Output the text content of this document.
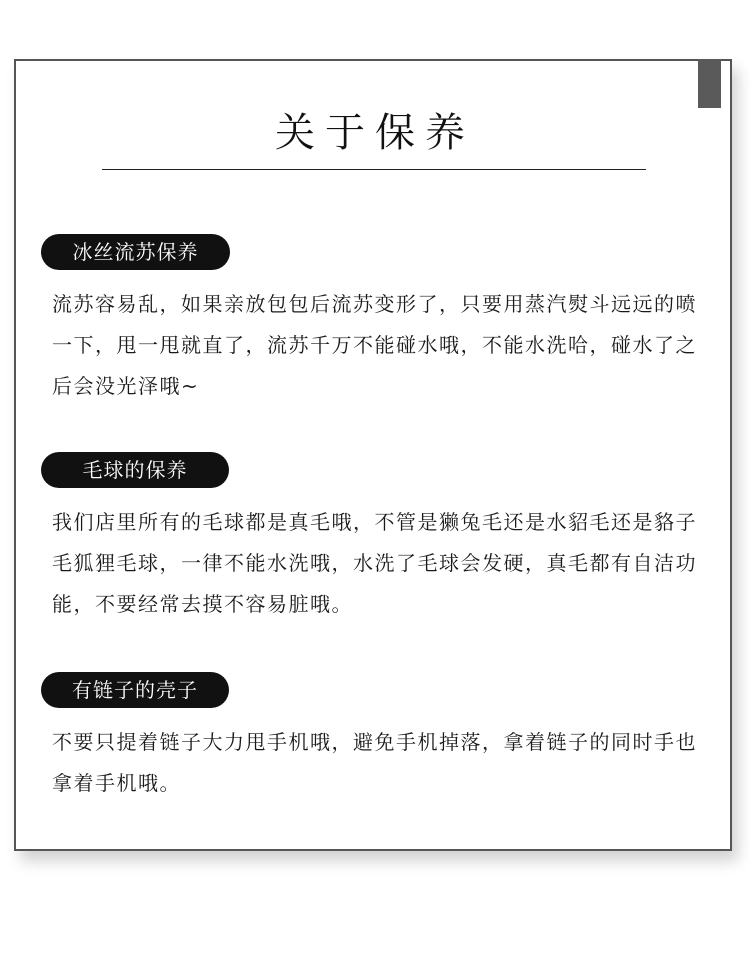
关于保养
冰丝流苏保养
流苏容易乱，如果亲放包包后流苏变形了，只要用蒸汽熨斗远远的喷一下，甩一甩就直了，流苏千万不能碰水哦，不能水洗哈，碰水了之后会没光泽哦~
毛球的保养
我们店里所有的毛球都是真毛哦，不管是獭兔毛还是水貂毛还是貉子毛狐狸毛球，一律不能水洗哦，水洗了毛球会发硬，真毛都有自洁功能，不要经常去摸不容易脏哦。
有链子的壳子
不要只提着链子大力甩手机哦，避免手机掉落，拿着链子的同时手也拿着手机哦。
